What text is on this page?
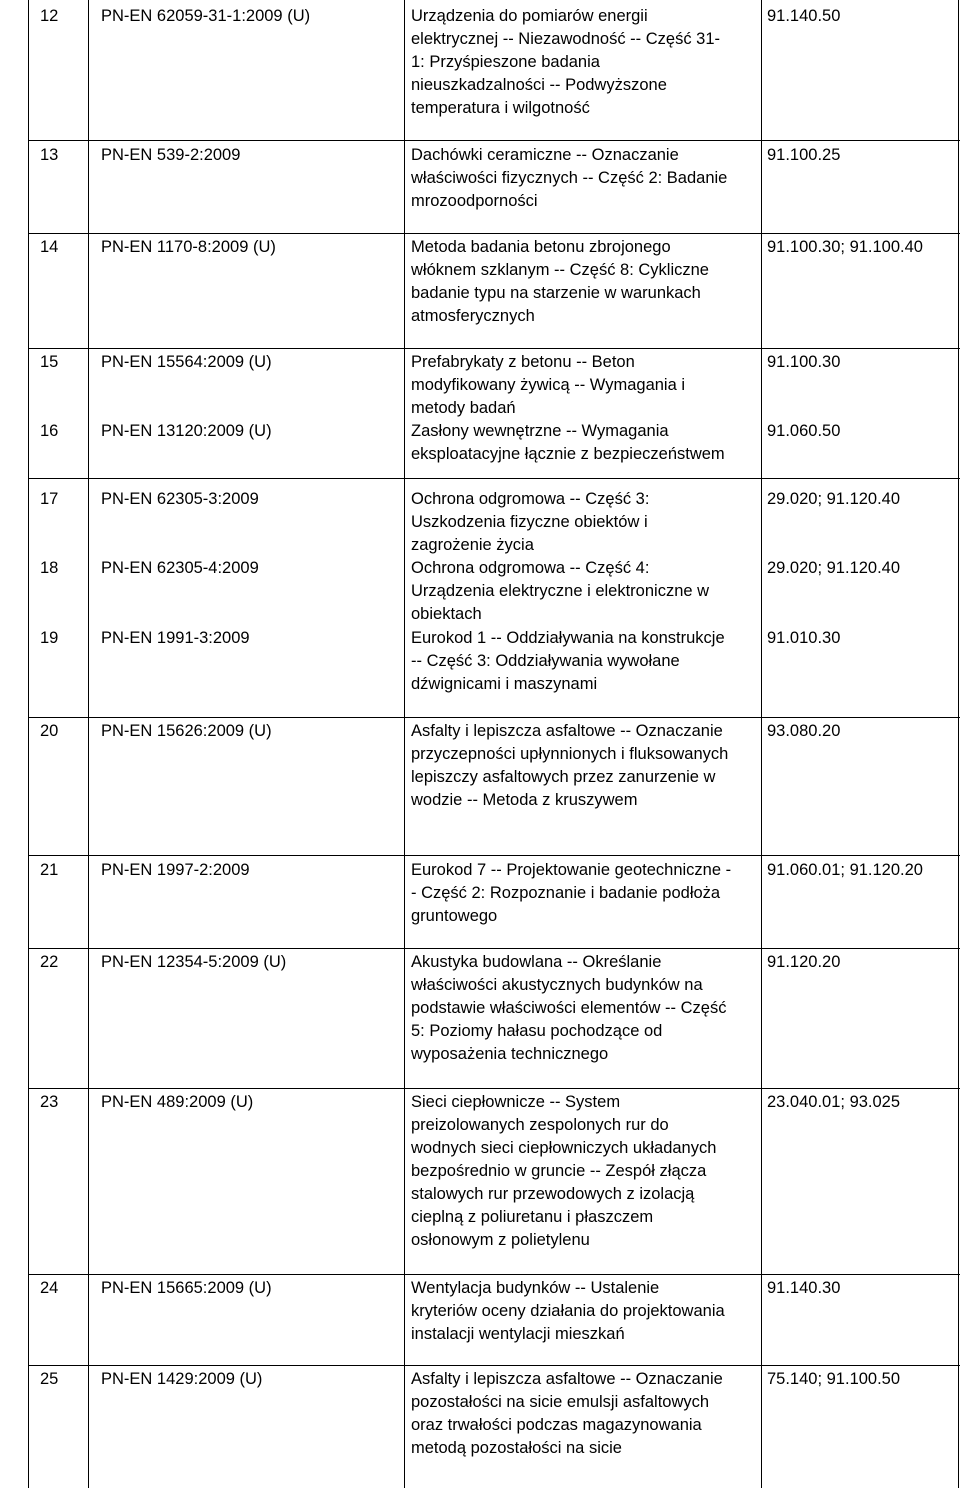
12	PN-EN 62059-31-1:2009 (U)	Urządzenia do pomiarów energii
elektrycznej -- Niezawodność -- Część 31-
1: Przyśpieszone badania
nieuszkadzalności -- Podwyższone
temperatura i wilgotność
91.140.50
13	PN-EN 539-2:2009	Dachówki ceramiczne -- Oznaczanie
właściwości fizycznych -- Część 2: Badanie
mrozoodporności
91.100.25
14	PN-EN 1170-8:2009 (U)	Metoda badania betonu zbrojonego
włóknem szklanym -- Część 8: Cykliczne
badanie typu na starzenie w warunkach
atmosferycznych
91.100.30; 91.100.40
15	PN-EN 15564:2009 (U)	Prefabrykaty z betonu -- Beton
modyfikowany żywicą -- Wymagania i
metody badań
91.100.30
16	PN-EN 13120:2009 (U)	Zasłony wewnętrzne -- Wymagania
eksploatacyjne łącznie z bezpieczeństwem
91.060.50
17	PN-EN 62305-3:2009	Ochrona odgromowa -- Część 3:
Uszkodzenia fizyczne obiektów i
zagrożenie życia
29.020; 91.120.40
18	PN-EN 62305-4:2009	Ochrona odgromowa -- Część 4:
Urządzenia elektryczne i elektroniczne w
obiektach
29.020; 91.120.40
19	PN-EN 1991-3:2009	Eurokod 1 -- Oddziaływania na konstrukcje
-- Część 3: Oddziaływania wywołane
dźwignicami i maszynami
91.010.30
20	PN-EN 15626:2009 (U)	Asfalty i lepiszcza asfaltowe -- Oznaczanie
przyczepności upłynnionych i fluksowanych
lepiszczy asfaltowych przez zanurzenie w
wodzie -- Metoda z kruszywem
93.080.20
21	PN-EN 1997-2:2009	Eurokod 7 -- Projektowanie geotechniczne -
- Część 2: Rozpoznanie i badanie podłoża
gruntowego
91.060.01; 91.120.20
22	PN-EN 12354-5:2009 (U)	Akustyka budowlana -- Określanie
właściwości akustycznych budynków na
podstawie właściwości elementów -- Część
5: Poziomy hałasu pochodzące od
wyposażenia technicznego
91.120.20
23	PN-EN 489:2009 (U)	Sieci ciepłownicze -- System
preizolowanych zespolonych rur do
wodnych sieci ciepłowniczych układanych
bezpośrednio w gruncie -- Zespół złącza
stalowych rur przewodowych z izolacją
cieplną z poliuretanu i płaszczem
osłonowym z polietylenu
23.040.01; 93.025
24	PN-EN 15665:2009 (U)	Wentylacja budynków -- Ustalenie
kryteriów oceny działania do projektowania
instalacji wentylacji mieszkań
91.140.30
25	PN-EN 1429:2009 (U)	Asfalty i lepiszcza asfaltowe -- Oznaczanie
pozostałości na sicie emulsji asfaltowych
oraz trwałości podczas magazynowania
metodą pozostałości na sicie
75.140; 91.100.50
